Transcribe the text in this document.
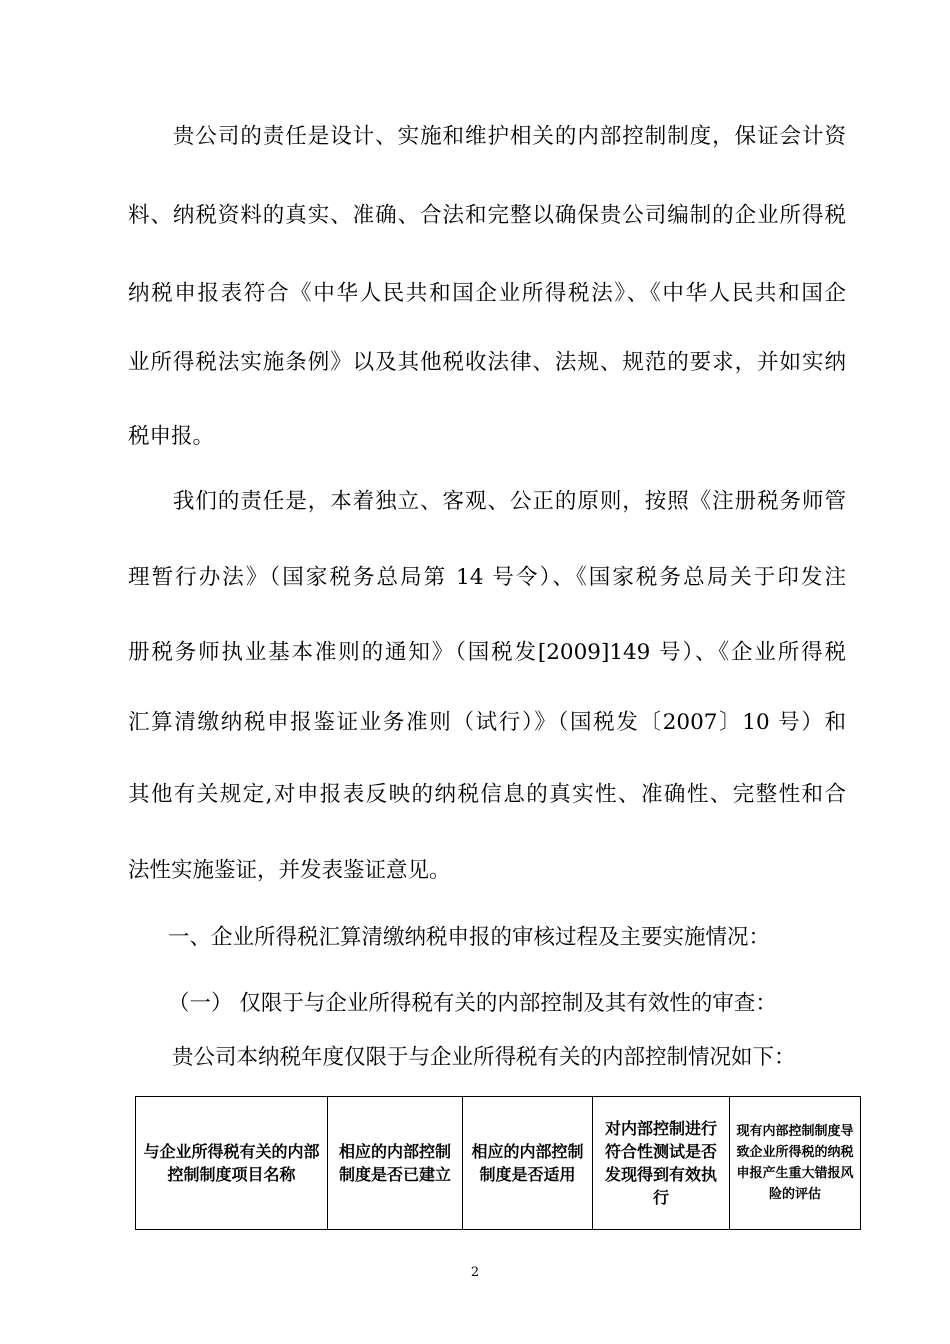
　　贵公司的责任是设计、实施和维护相关的内部控制制度，保证会计资
料、纳税资料的真实、准确、合法和完整以确保贵公司编制的企业所得税
纳税申报表符合《中华人民共和国企业所得税法》、《中华人民共和国企
业所得税法实施条例》以及其他税收法律、法规、规范的要求，并如实纳
税申报。
　　我们的责任是，本着独立、客观、公正的原则，按照《注册税务师管
理暂行办法》（国家税务总局第 14 号令）、《国家税务总局关于印发注
册税务师执业基本准则的通知》（国税发[2009]149 号）、《企业所得税
汇算清缴纳税申报鉴证业务准则（试行）》（国税发〔2007〕10 号）和
其他有关规定,对申报表反映的纳税信息的真实性、准确性、完整性和合
法性实施鉴证，并发表鉴证意见。
一、企业所得税汇算清缴纳税申报的审核过程及主要实施情况：
（一） 仅限于与企业所得税有关的内部控制及其有效性的审查：
贵公司本纳税年度仅限于与企业所得税有关的内部控制情况如下：
与企业所得税有关的内部控制制度项目名称	相应的内部控制制度是否已建立	相应的内部控制制度是否适用	对内部控制进行符合性测试是否发现得到有效执行	现有内部控制制度导致企业所得税的纳税申报产生重大错报风险的评估
2
